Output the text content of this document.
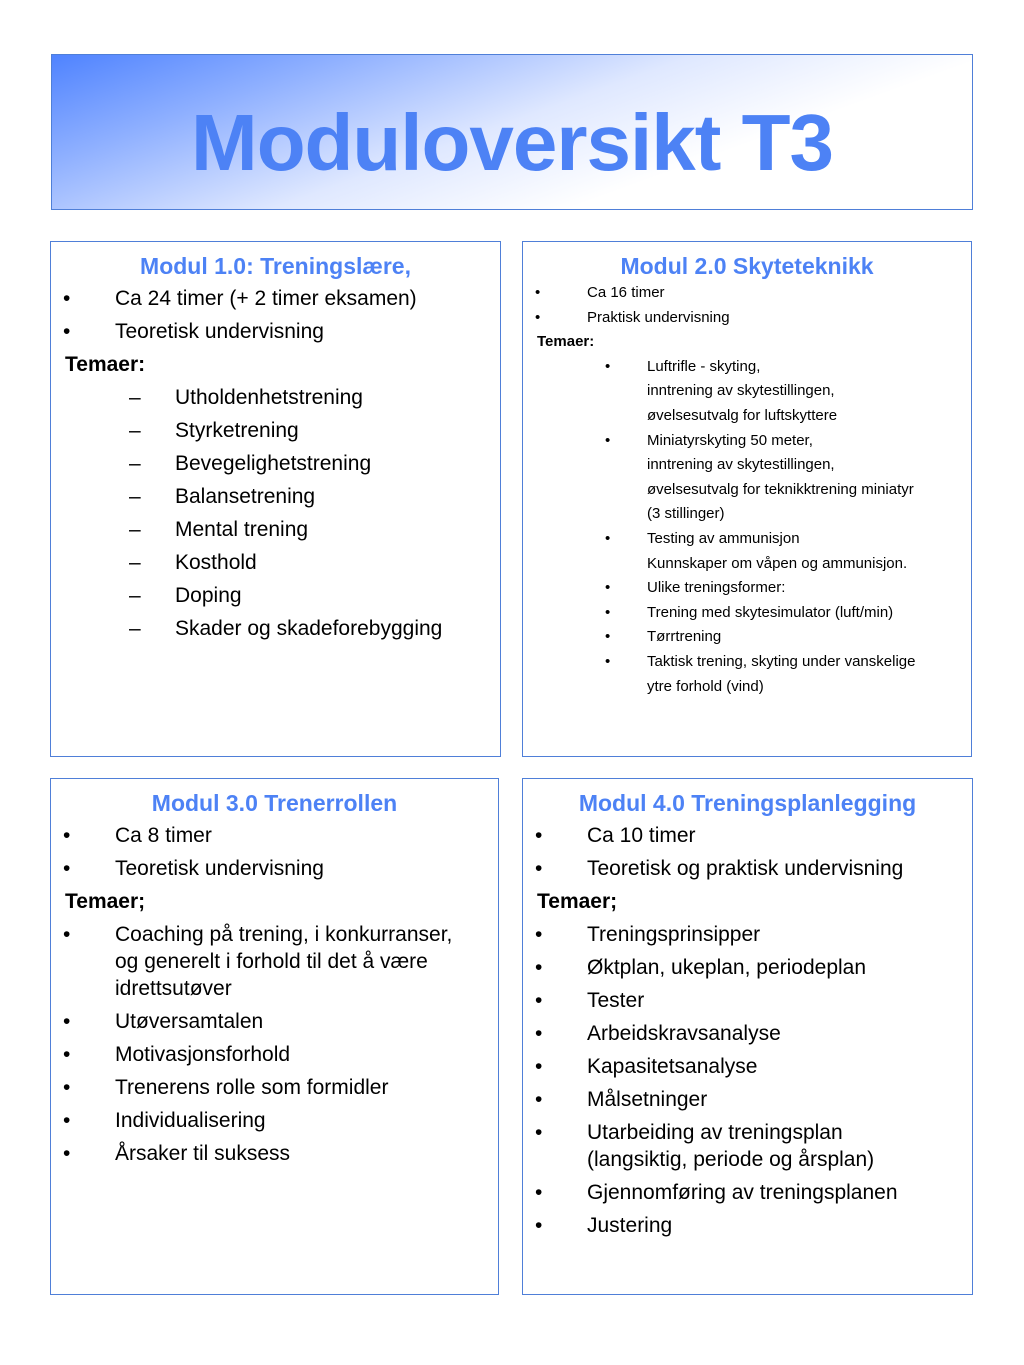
Moduloversikt T3
Modul 1.0: Treningslære,
• Ca 24 timer (+ 2 timer eksamen)
• Teoretisk undervisning
Temaer:
– Utholdenhetstrening
– Styrketrening
– Bevegelighetstrening
– Balansetrening
– Mental trening
– Kosthold
– Doping
– Skader og skadeforebygging
Modul 2.0 Skyteteknikk
•	Ca 16 timer
•	Praktisk undervisning
Temaer:
• Luftrifle - skyting,
inntrening av skytestillingen,
øvelsesutvalg for luftskyttere
• Miniatyrskyting 50 meter,
inntrening av skytestillingen,
øvelsesutvalg for teknikktrening miniatyr
(3 stillinger)
• Testing av ammunisjon
Kunnskaper om våpen og ammunisjon.
• Ulike treningsformer:
• Trening med skytesimulator (luft/min)
• Tørrtrening
• Taktisk trening, skyting under vanskelige
ytre forhold (vind)
Modul 3.0 Trenerrollen
• Ca 8 timer
• Teoretisk undervisning
Temaer;
• Coaching på trening, i konkurranser,
og generelt i forhold til det å være
idrettsutøver
• Utøversamtalen
• Motivasjonsforhold
• Trenerens rolle som formidler
• Individualisering
• Årsaker til suksess
Modul 4.0 Treningsplanlegging
• Ca 10 timer
• Teoretisk og praktisk undervisning
Temaer;
• Treningsprinsipper
• Øktplan, ukeplan, periodeplan
• Tester
• Arbeidskravsanalyse
• Kapasitetsanalyse
• Målsetninger
• Utarbeiding av treningsplan
(langsiktig, periode og årsplan)
• Gjennomføring av treningsplanen
• Justering
